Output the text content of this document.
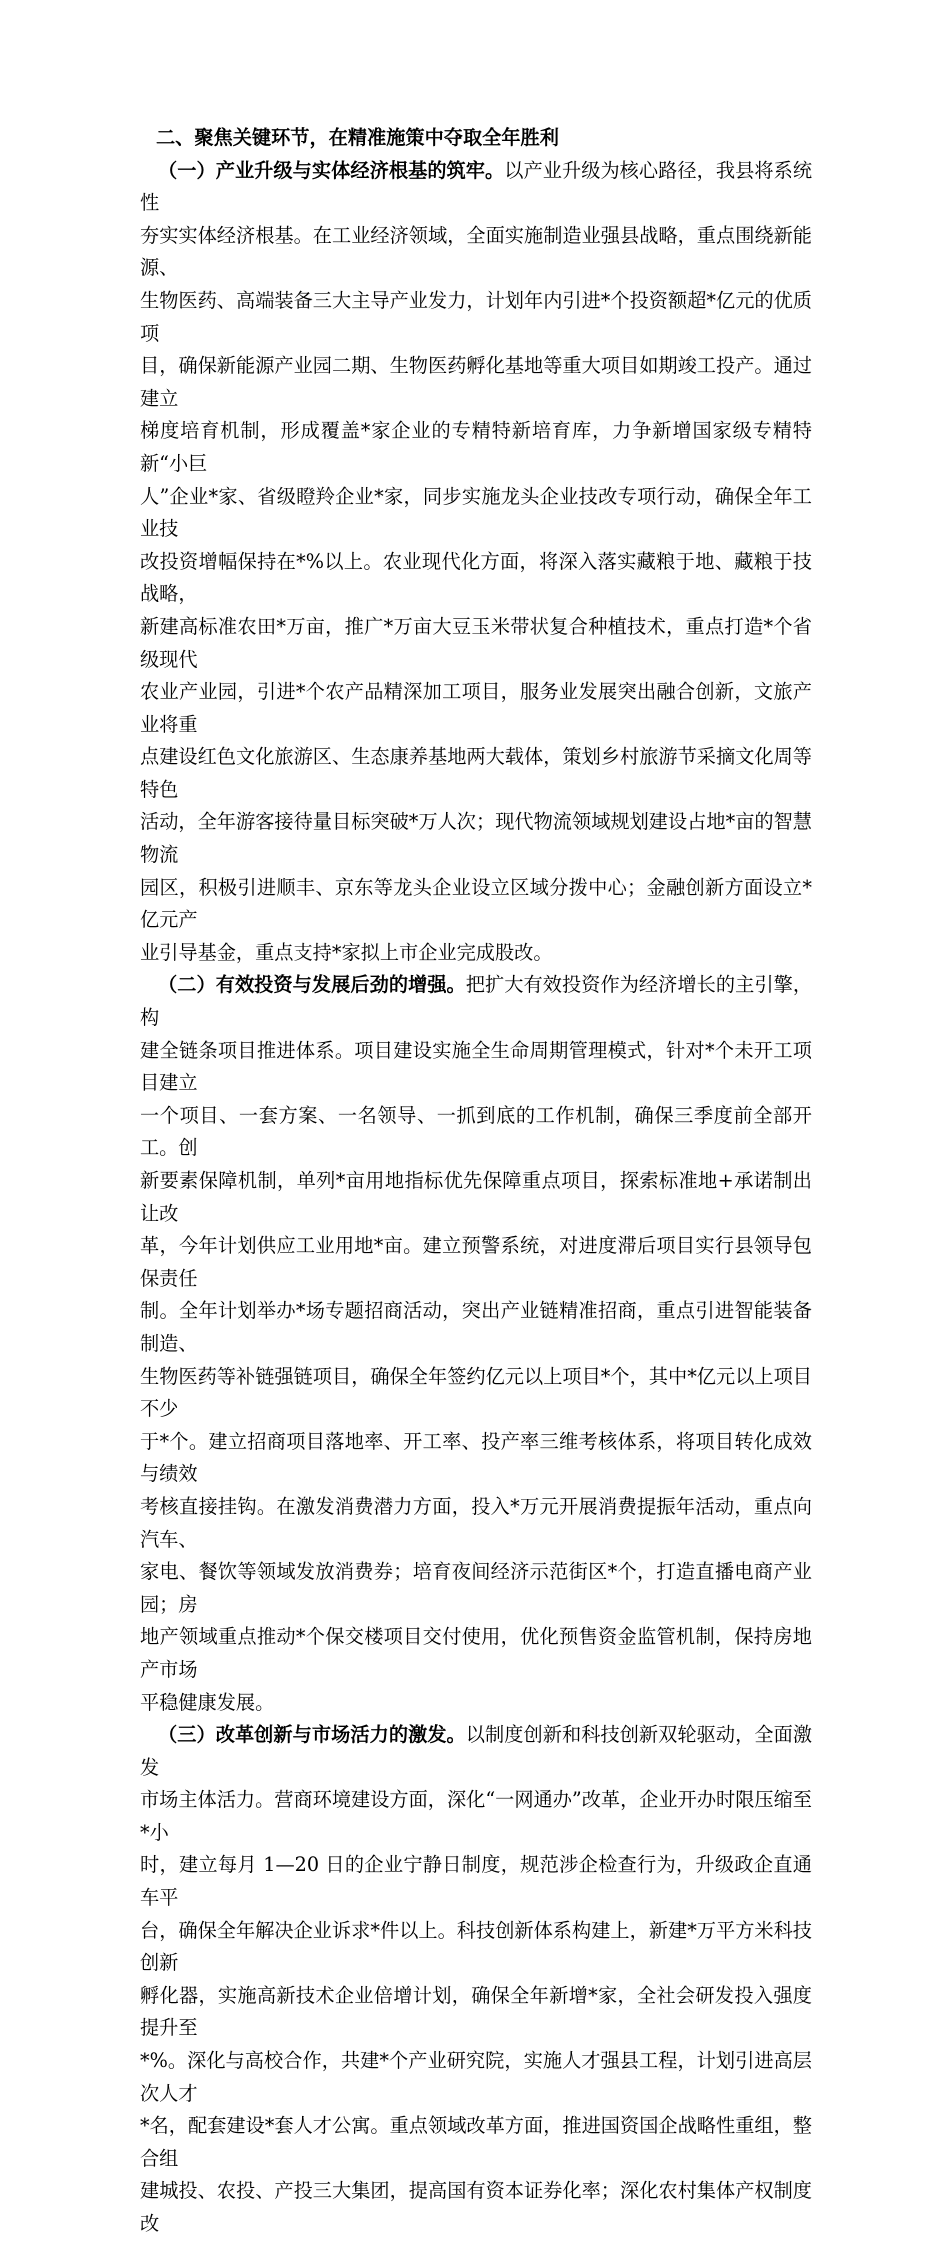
二、聚焦关键环节，在精准施策中夺取全年胜利

（一）产业升级与实体经济根基的筑牢。以产业升级为核心路径，我县将系统性

夯实实体经济根基。在工业经济领域，全面实施制造业强县战略，重点围绕新能源、

生物医药、高端装备三大主导产业发力，计划年内引进*个投资额超*亿元的优质项

目，确保新能源产业园二期、生物医药孵化基地等重大项目如期竣工投产。通过建立

梯度培育机制，形成覆盖*家企业的专精特新培育库，力争新增国家级专精特新“小巨

人”企业*家、省级瞪羚企业*家，同步实施龙头企业技改专项行动，确保全年工业技

改投资增幅保持在*%以上。农业现代化方面，将深入落实藏粮于地、藏粮于技战略，

新建高标准农田*万亩，推广*万亩大豆玉米带状复合种植技术，重点打造*个省级现代

农业产业园，引进*个农产品精深加工项目，服务业发展突出融合创新，文旅产业将重

点建设红色文化旅游区、生态康养基地两大载体，策划乡村旅游节采摘文化周等特色

活动，全年游客接待量目标突破*万人次；现代物流领域规划建设占地*亩的智慧物流

园区，积极引进顺丰、京东等龙头企业设立区域分拨中心；金融创新方面设立*亿元产

业引导基金，重点支持*家拟上市企业完成股改。

（二）有效投资与发展后劲的增强。把扩大有效投资作为经济增长的主引擎，构

建全链条项目推进体系。项目建设实施全生命周期管理模式，针对*个未开工项目建立

一个项目、一套方案、一名领导、一抓到底的工作机制，确保三季度前全部开工。创

新要素保障机制，单列*亩用地指标优先保障重点项目，探索标准地+承诺制出让改

革，今年计划供应工业用地*亩。建立预警系统，对进度滞后项目实行县领导包保责任

制。全年计划举办*场专题招商活动，突出产业链精准招商，重点引进智能装备制造、

生物医药等补链强链项目，确保全年签约亿元以上项目*个，其中*亿元以上项目不少

于*个。建立招商项目落地率、开工率、投产率三维考核体系，将项目转化成效与绩效

考核直接挂钩。在激发消费潜力方面，投入*万元开展消费提振年活动，重点向汽车、

家电、餐饮等领域发放消费券；培育夜间经济示范街区*个，打造直播电商产业园；房

地产领域重点推动*个保交楼项目交付使用，优化预售资金监管机制，保持房地产市场

平稳健康发展。

（三）改革创新与市场活力的激发。以制度创新和科技创新双轮驱动，全面激发

市场主体活力。营商环境建设方面，深化“一网通办”改革，企业开办时限压缩至*小

时，建立每月 1—20 日的企业宁静日制度，规范涉企检查行为，升级政企直通车平

台，确保全年解决企业诉求*件以上。科技创新体系构建上，新建*万平方米科技创新

孵化器，实施高新技术企业倍增计划，确保全年新增*家，全社会研发投入强度提升至

*%。深化与高校合作，共建*个产业研究院，实施人才强县工程，计划引进高层次人才

*名，配套建设*套人才公寓。重点领域改革方面，推进国资国企战略性重组，整合组

建城投、农投、产投三大集团，提高国有资本证券化率；深化农村集体产权制度改
